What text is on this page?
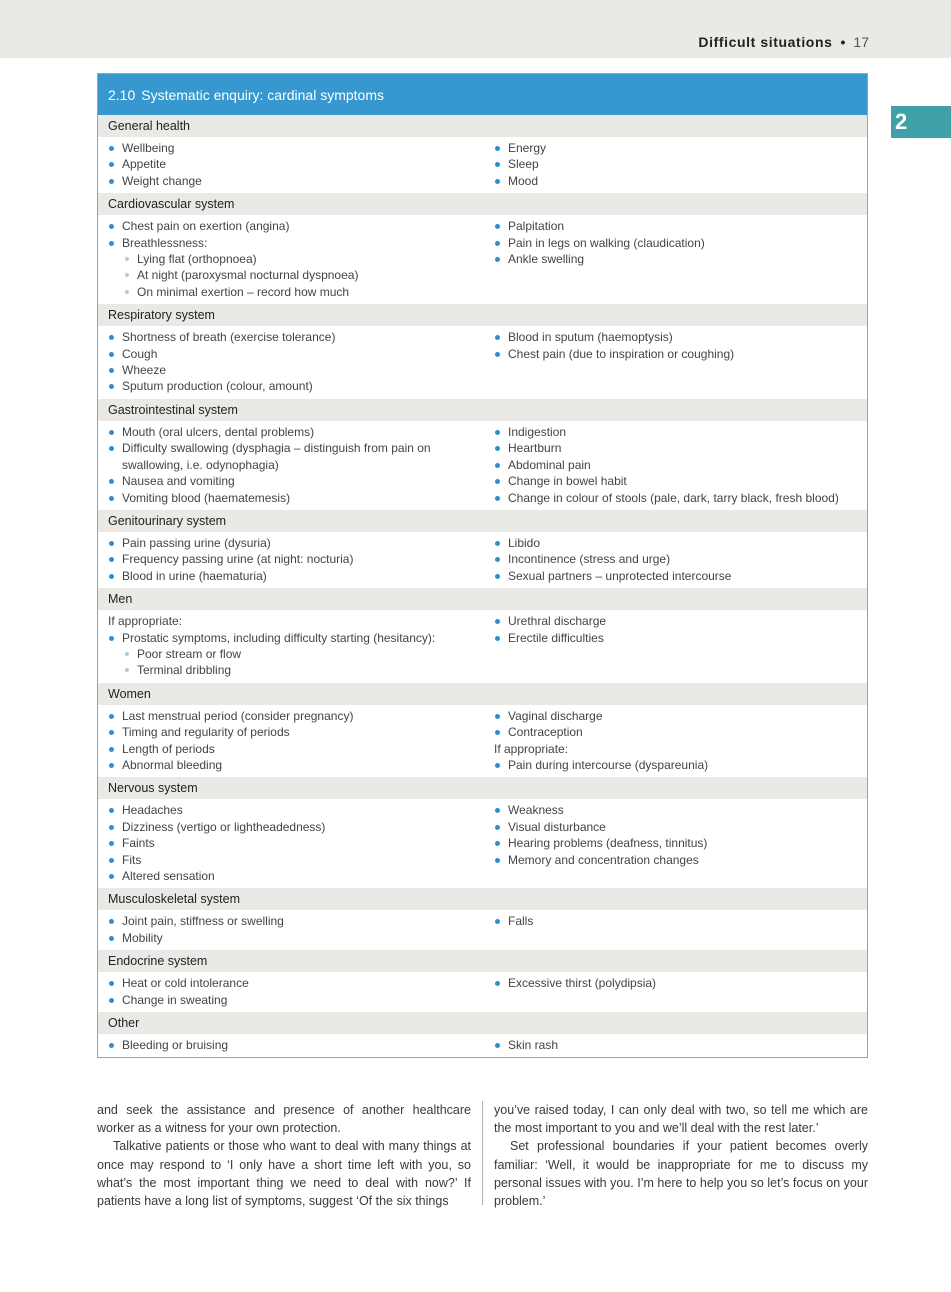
Difficult situations • 17
2
2.10 Systematic enquiry: cardinal symptoms
General health
Wellbeing
Appetite
Weight change
Energy
Sleep
Mood
Cardiovascular system
Chest pain on exertion (angina)
Breathlessness:
Lying flat (orthopnoea)
At night (paroxysmal nocturnal dyspnoea)
On minimal exertion – record how much
Palpitation
Pain in legs on walking (claudication)
Ankle swelling
Respiratory system
Shortness of breath (exercise tolerance)
Cough
Wheeze
Sputum production (colour, amount)
Blood in sputum (haemoptysis)
Chest pain (due to inspiration or coughing)
Gastrointestinal system
Mouth (oral ulcers, dental problems)
Difficulty swallowing (dysphagia – distinguish from pain on swallowing, i.e. odynophagia)
Nausea and vomiting
Vomiting blood (haematemesis)
Indigestion
Heartburn
Abdominal pain
Change in bowel habit
Change in colour of stools (pale, dark, tarry black, fresh blood)
Genitourinary system
Pain passing urine (dysuria)
Frequency passing urine (at night: nocturia)
Blood in urine (haematuria)
Libido
Incontinence (stress and urge)
Sexual partners – unprotected intercourse
Men
If appropriate:
Prostatic symptoms, including difficulty starting (hesitancy):
Poor stream or flow
Terminal dribbling
Urethral discharge
Erectile difficulties
Women
Last menstrual period (consider pregnancy)
Timing and regularity of periods
Length of periods
Abnormal bleeding
Vaginal discharge
Contraception
If appropriate:
Pain during intercourse (dyspareunia)
Nervous system
Headaches
Dizziness (vertigo or lightheadedness)
Faints
Fits
Altered sensation
Weakness
Visual disturbance
Hearing problems (deafness, tinnitus)
Memory and concentration changes
Musculoskeletal system
Joint pain, stiffness or swelling
Mobility
Falls
Endocrine system
Heat or cold intolerance
Change in sweating
Excessive thirst (polydipsia)
Other
Bleeding or bruising	Skin rash

and seek the assistance and presence of another healthcare worker as a witness for your own protection.

Talkative patients or those who want to deal with many things at once may respond to ‘I only have a short time left with you, so what’s the most important thing we need to deal with now?’ If patients have a long list of symptoms, suggest ‘Of the six things

you’ve raised today, I can only deal with two, so tell me which are the most important to you and we’ll deal with the rest later.’

Set professional boundaries if your patient becomes overly familiar: ‘Well, it would be inappropriate for me to discuss my personal issues with you. I’m here to help you so let’s focus on your problem.’
